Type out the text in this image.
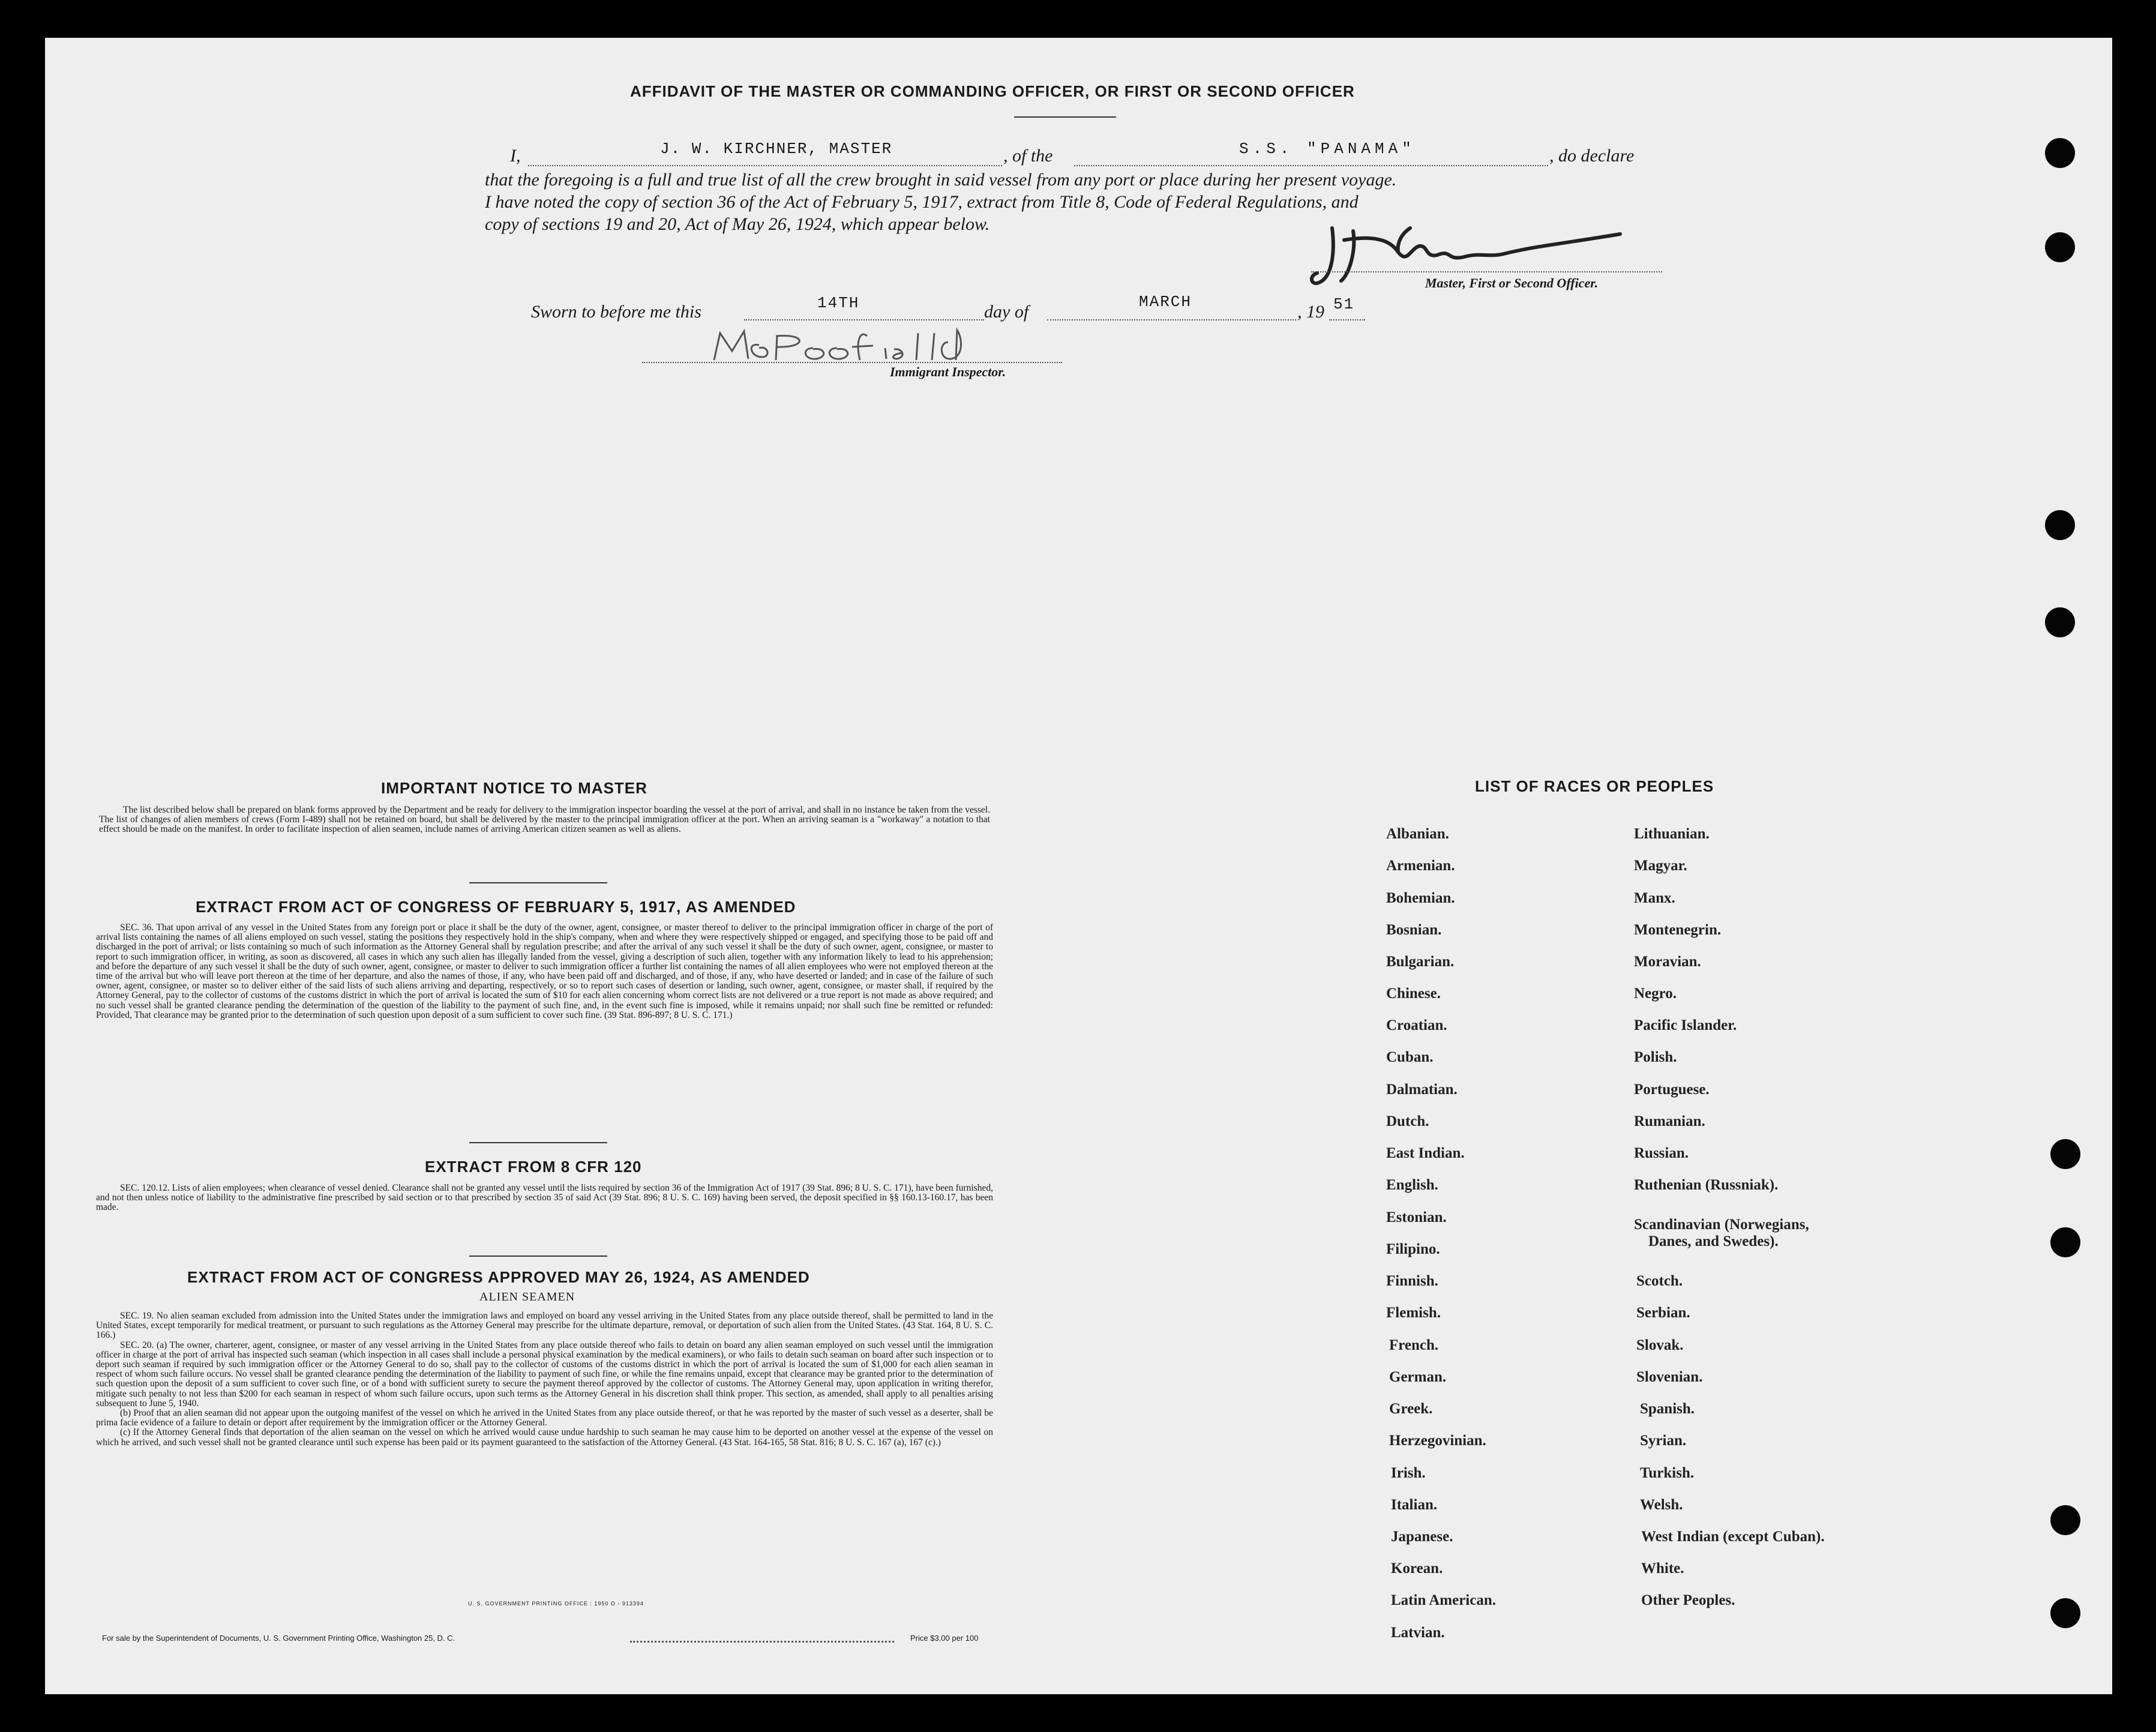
AFFIDAVIT OF THE MASTER OR COMMANDING OFFICER, OR FIRST OR SECOND OFFICER
I,	J. W. KIRCHNER, MASTER	, of the	S.S. "PANAMA"	, do declare
that the foregoing is a full and true list of all the crew brought in said vessel from any port or place during her present voyage.
I have noted the copy of section 36 of the Act of February 5, 1917, extract from Title 8, Code of Federal Regulations, and
copy of sections 19 and 20, Act of May 26, 1924, which appear below.
Master, First or Second Officer.
Sworn to before me this	14TH	day of	MARCH	, 19 51
Immigrant Inspector.
IMPORTANT NOTICE TO MASTER

The list described below shall be prepared on blank forms approved by the Department and be ready for delivery to the immigration inspector boarding the vessel at the port of arrival, and shall in no instance be taken from the vessel. The list of changes of alien members of crews (Form I-489) shall not be retained on board, but shall be delivered by the master to the principal immigration officer at the port. When an arriving seaman is a "workaway" a notation to that effect should be made on the manifest. In order to facilitate inspection of alien seamen, include names of arriving American citizen seamen as well as aliens.

EXTRACT FROM ACT OF CONGRESS OF FEBRUARY 5, 1917, AS AMENDED

SEC. 36. That upon arrival of any vessel in the United States from any foreign port or place it shall be the duty of the owner, agent, consignee, or master thereof to deliver to the principal immigration officer in charge of the port of arrival lists containing the names of all aliens employed on such vessel, stating the positions they respectively hold in the ship's company, when and where they were respectively shipped or engaged, and specifying those to be paid off and discharged in the port of arrival; or lists containing so much of such information as the Attorney General shall by regulation prescribe; and after the arrival of any such vessel it shall be the duty of such owner, agent, consignee, or master to report to such immigration officer, in writing, as soon as discovered, all cases in which any such alien has illegally landed from the vessel, giving a description of such alien, together with any information likely to lead to his apprehension; and before the departure of any such vessel it shall be the duty of such owner, agent, consignee, or master to deliver to such immigration officer a further list containing the names of all alien employees who were not employed thereon at the time of the arrival but who will leave port thereon at the time of her departure, and also the names of those, if any, who have been paid off and discharged, and of those, if any, who have deserted or landed; and in case of the failure of such owner, agent, consignee, or master so to deliver either of the said lists of such aliens arriving and departing, respectively, or so to report such cases of desertion or landing, such owner, agent, consignee, or master shall, if required by the Attorney General, pay to the collector of customs of the customs district in which the port of arrival is located the sum of $10 for each alien concerning whom correct lists are not delivered or a true report is not made as above required; and no such vessel shall be granted clearance pending the determination of the question of the liability to the payment of such fine, and, in the event such fine is imposed, while it remains unpaid; nor shall such fine be remitted or refunded: Provided, That clearance may be granted prior to the determination of such question upon deposit of a sum sufficient to cover such fine. (39 Stat. 896-897; 8 U. S. C. 171.)

EXTRACT FROM 8 CFR 120

SEC. 120.12. Lists of alien employees; when clearance of vessel denied. Clearance shall not be granted any vessel until the lists required by section 36 of the Immigration Act of 1917 (39 Stat. 896; 8 U. S. C. 171), have been furnished, and not then unless notice of liability to the administrative fine prescribed by said section or to that prescribed by section 35 of said Act (39 Stat. 896; 8 U. S. C. 169) having been served, the deposit specified in §§ 160.13-160.17, has been made.

EXTRACT FROM ACT OF CONGRESS APPROVED MAY 26, 1924, AS AMENDED
ALIEN SEAMEN

SEC. 19. No alien seaman excluded from admission into the United States under the immigration laws and employed on board any vessel arriving in the United States from any place outside thereof, shall be permitted to land in the United States, except temporarily for medical treatment, or pursuant to such regulations as the Attorney General may prescribe for the ultimate departure, removal, or deportation of such alien from the United States. (43 Stat. 164, 8 U. S. C. 166.)

SEC. 20. (a) The owner, charterer, agent, consignee, or master of any vessel arriving in the United States from any place outside thereof who fails to detain on board any alien seaman employed on such vessel until the immigration officer in charge at the port of arrival has inspected such seaman (which inspection in all cases shall include a personal physical examination by the medical examiners), or who fails to detain such seaman on board after such inspection or to deport such seaman if required by such immigration officer or the Attorney General to do so, shall pay to the collector of customs of the customs district in which the port of arrival is located the sum of $1,000 for each alien seaman in respect of whom such failure occurs. No vessel shall be granted clearance pending the determination of the liability to payment of such fine, or while the fine remains unpaid, except that clearance may be granted prior to the determination of such question upon the deposit of a sum sufficient to cover such fine, or of a bond with sufficient surety to secure the payment thereof approved by the collector of customs. The Attorney General may, upon application in writing therefor, mitigate such penalty to not less than $200 for each seaman in respect of whom such failure occurs, upon such terms as the Attorney General in his discretion shall think proper. This section, as amended, shall apply to all penalties arising subsequent to June 5, 1940.

(b) Proof that an alien seaman did not appear upon the outgoing manifest of the vessel on which he arrived in the United States from any place outside thereof, or that he was reported by the master of such vessel as a deserter, shall be prima facie evidence of a failure to detain or deport after requirement by the immigration officer or the Attorney General.

(c) If the Attorney General finds that deportation of the alien seaman on the vessel on which he arrived would cause undue hardship to such seaman he may cause him to be deported on another vessel at the expense of the vessel on which he arrived, and such vessel shall not be granted clearance until such expense has been paid or its payment guaranteed to the satisfaction of the Attorney General. (43 Stat. 164-165, 58 Stat. 816; 8 U. S. C. 167 (a), 167 (c).)

U. S. GOVERNMENT PRINTING OFFICE : 1950 O - 913394
For sale by the Superintendent of Documents, U. S. Government Printing Office, Washington 25, D. C.	Price $3.00 per 100
LIST OF RACES OR PEOPLES
Albanian.
Armenian.
Bohemian.
Bosnian.
Bulgarian.
Chinese.
Croatian.
Cuban.
Dalmatian.
Dutch.
East Indian.
English.
Estonian.
Filipino.
Finnish.
Flemish.
French.
German.
Greek.
Herzegovinian.
Irish.
Italian.
Japanese.
Korean.
Latin American.
Latvian.
Lithuanian.
Magyar.
Manx.
Montenegrin.
Moravian.
Negro.
Pacific Islander.
Polish.
Portuguese.
Rumanian.
Russian.
Ruthenian (Russniak).
Scandinavian (Norwegians,
Danes, and Swedes).
Scotch.
Serbian.
Slovak.
Slovenian.
Spanish.
Syrian.
Turkish.
Welsh.
West Indian (except Cuban).
White.
Other Peoples.
